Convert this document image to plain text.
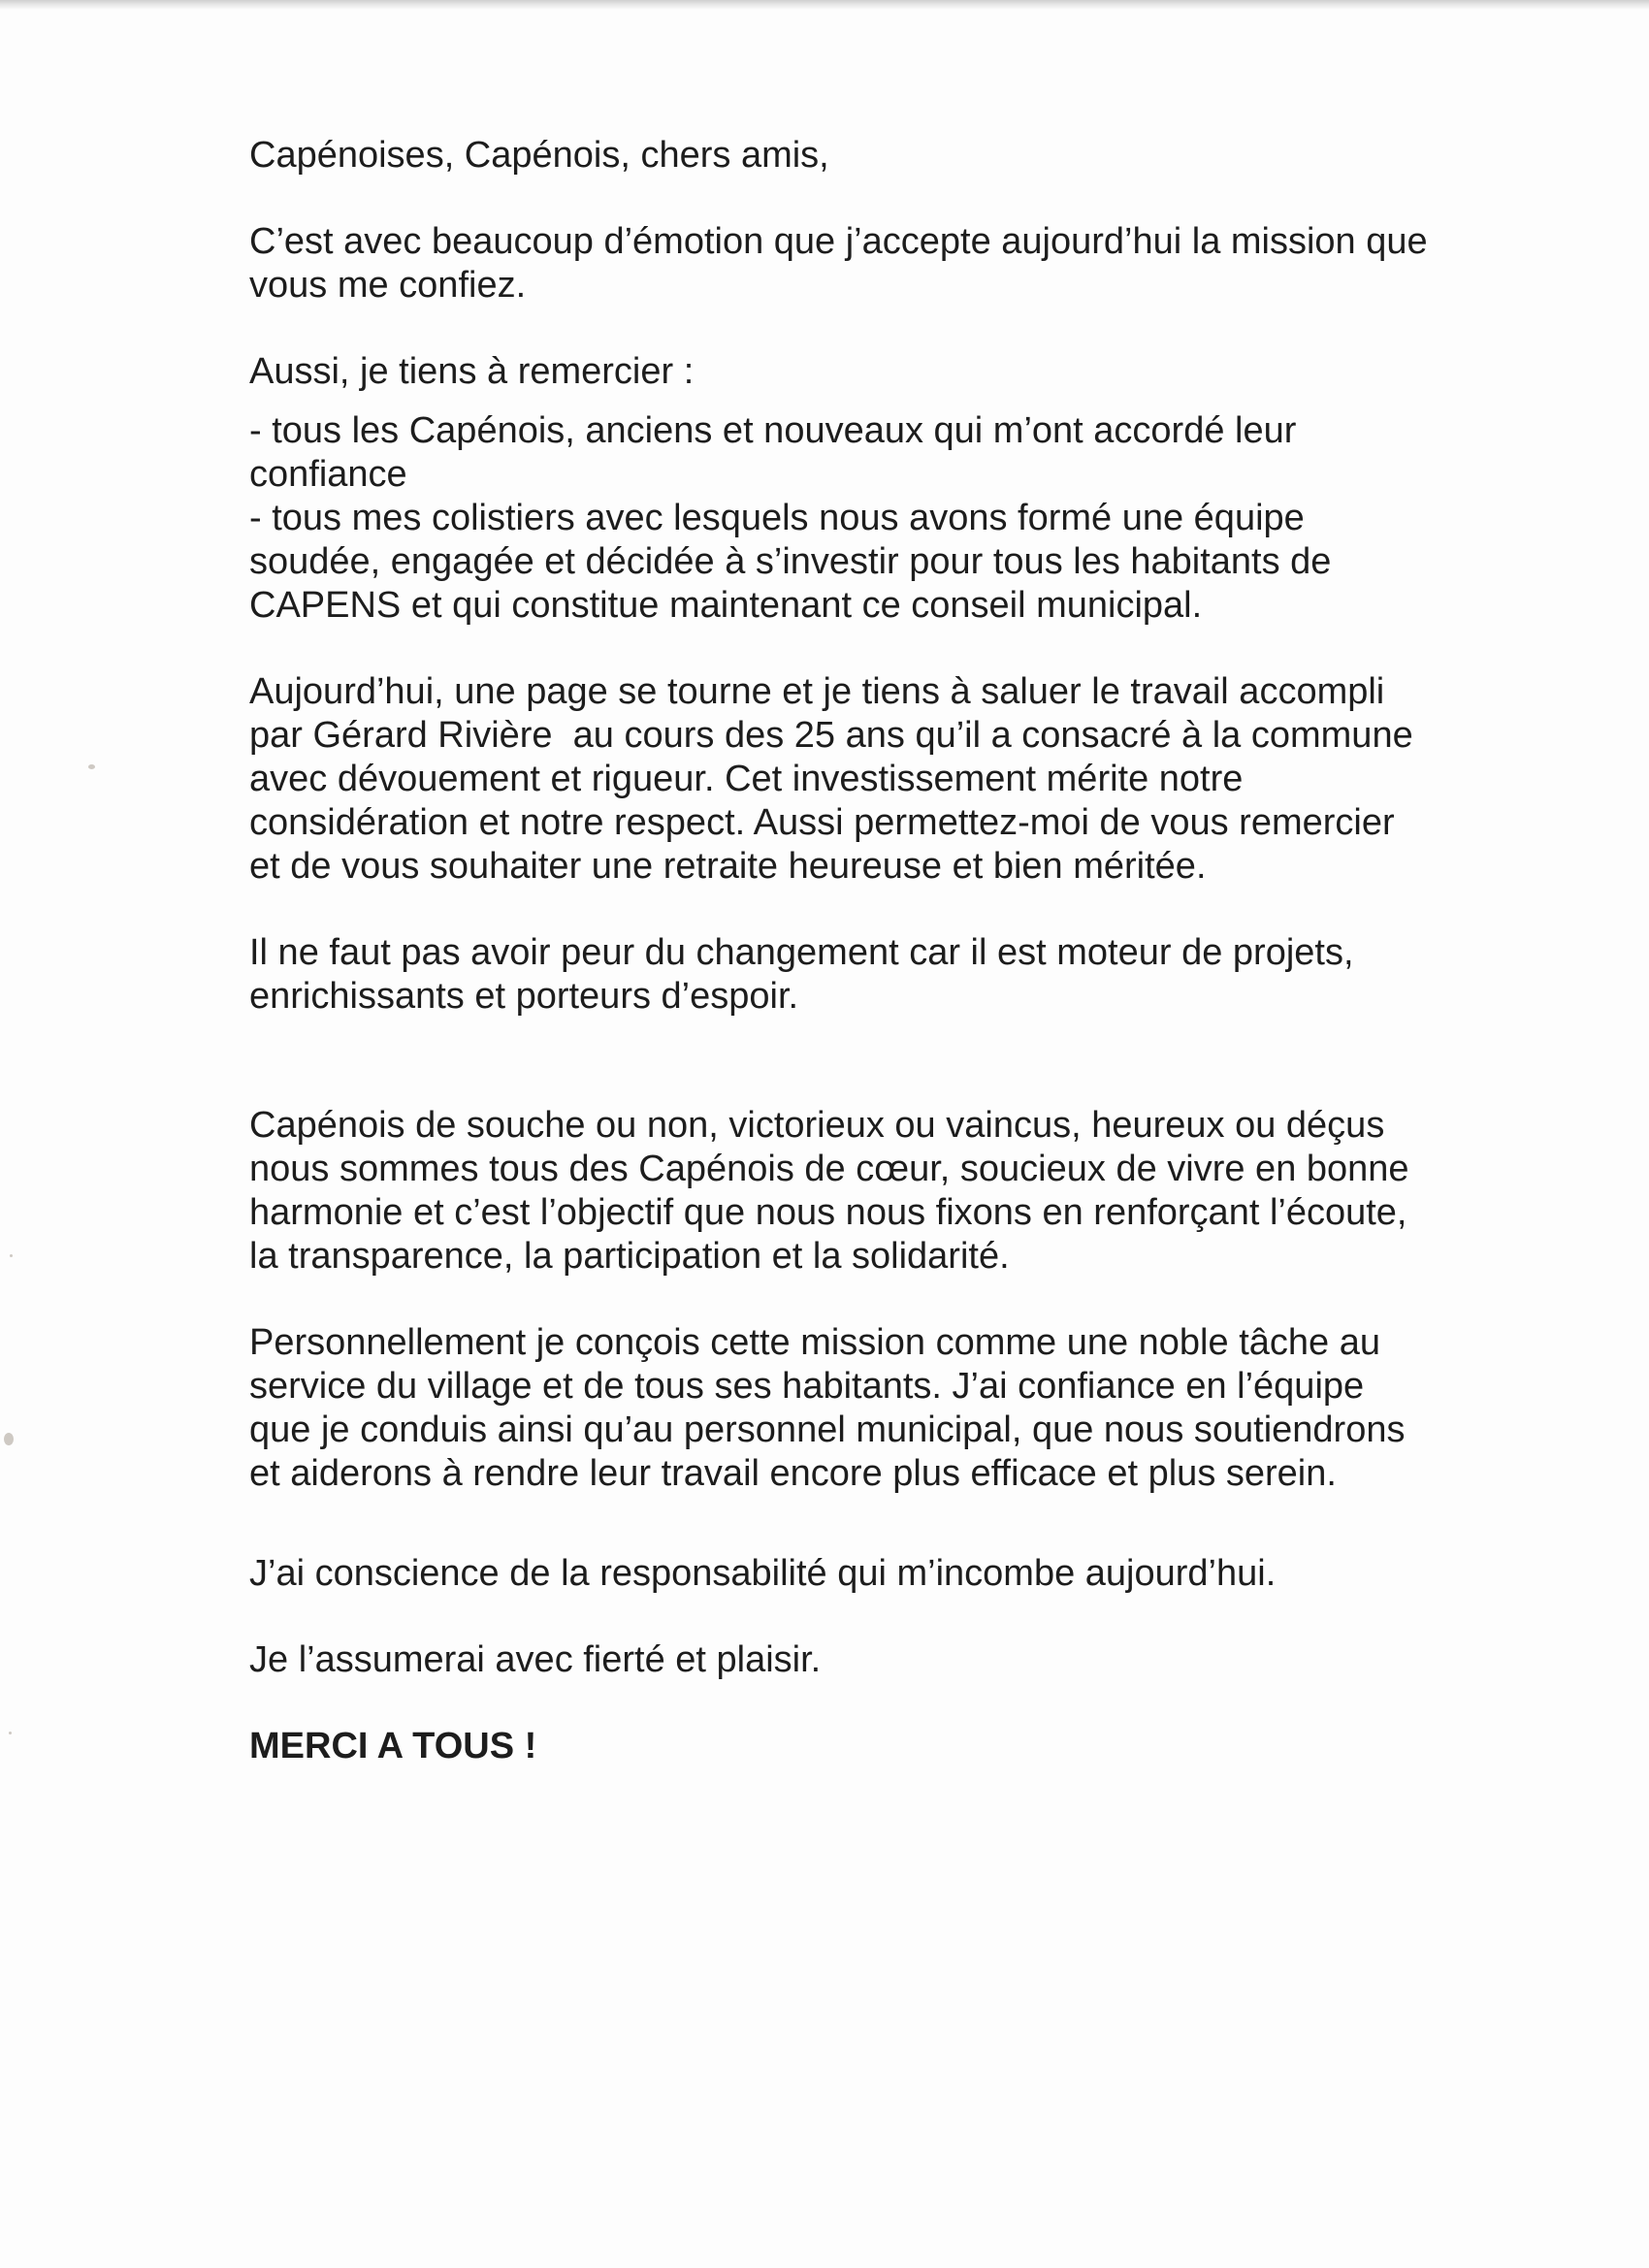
Capénoises, Capénois, chers amis,

C’est avec beaucoup d’émotion que j’accepte aujourd’hui la mission que
vous me confiez.

Aussi, je tiens à remercier :

- tous les Capénois, anciens et nouveaux qui m’ont accordé leur
confiance
- tous mes colistiers avec lesquels nous avons formé une équipe
soudée, engagée et décidée à s’investir pour tous les habitants de
CAPENS et qui constitue maintenant ce conseil municipal.

Aujourd’hui, une page se tourne et je tiens à saluer le travail accompli
par Gérard Rivière  au cours des 25 ans qu’il a consacré à la commune
avec dévouement et rigueur. Cet investissement mérite notre
considération et notre respect. Aussi permettez-moi de vous remercier
et de vous souhaiter une retraite heureuse et bien méritée.

Il ne faut pas avoir peur du changement car il est moteur de projets,
enrichissants et porteurs d’espoir.

Capénois de souche ou non, victorieux ou vaincus, heureux ou déçus
nous sommes tous des Capénois de cœur, soucieux de vivre en bonne
harmonie et c’est l’objectif que nous nous fixons en renforçant l’écoute,
la transparence, la participation et la solidarité.

Personnellement je conçois cette mission comme une noble tâche au
service du village et de tous ses habitants. J’ai confiance en l’équipe
que je conduis ainsi qu’au personnel municipal, que nous soutiendrons
et aiderons à rendre leur travail encore plus efficace et plus serein.

J’ai conscience de la responsabilité qui m’incombe aujourd’hui.

Je l’assumerai avec fierté et plaisir.

MERCI A TOUS !
